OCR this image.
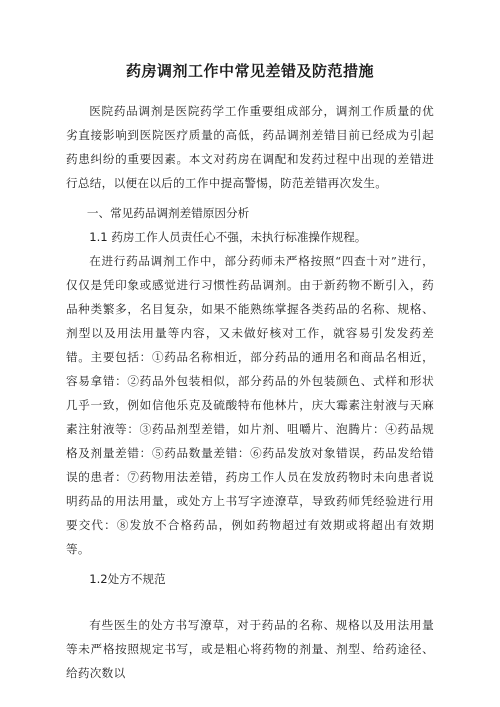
药房调剂工作中常见差错及防范措施

医院药品调剂是医院药学工作重要组成部分，调剂工作质量的优劣直接影响到医院医疗质量的高低，药品调剂差错目前已经成为引起药患纠纷的重要因素。本文对药房在调配和发药过程中出现的差错进行总结，以便在以后的工作中提高警惕，防范差错再次发生。

一、常见药品调剂差错原因分析

1.1 药房工作人员责任心不强，未执行标准操作规程。

在进行药品调剂工作中，部分药师未严格按照“四查十对”进行，仅仅是凭印象或感觉进行习惯性药品调剂。由于新药物不断引入，药品种类繁多，名目复杂，如果不能熟练掌握各类药品的名称、规格、剂型以及用法用量等内容，又未做好核对工作，就容易引发发药差错。主要包括：①药品名称相近，部分药品的通用名和商品名相近，容易拿错：②药品外包装相似，部分药品的外包装颜色、式样和形状几乎一致，例如信他乐克及硫酸特布他林片，庆大霉素注射液与天麻素注射液等：③药品剂型差错，如片剂、咀嚼片、泡腾片：④药品规格及剂量差错：⑤药品数量差错：⑥药品发放对象错误，药品发给错误的患者：⑦药物用法差错，药房工作人员在发放药物时未向患者说明药品的用法用量，或处方上书写字迹潦草，导致药师凭经验进行用要交代：⑧发放不合格药品，例如药物超过有效期或将超出有效期等。

1.2处方不规范

有些医生的处方书写潦草，对于药品的名称、规格以及用法用量等未严格按照规定书写，或是粗心将药物的剂量、剂型、给药途径、给药次数以
